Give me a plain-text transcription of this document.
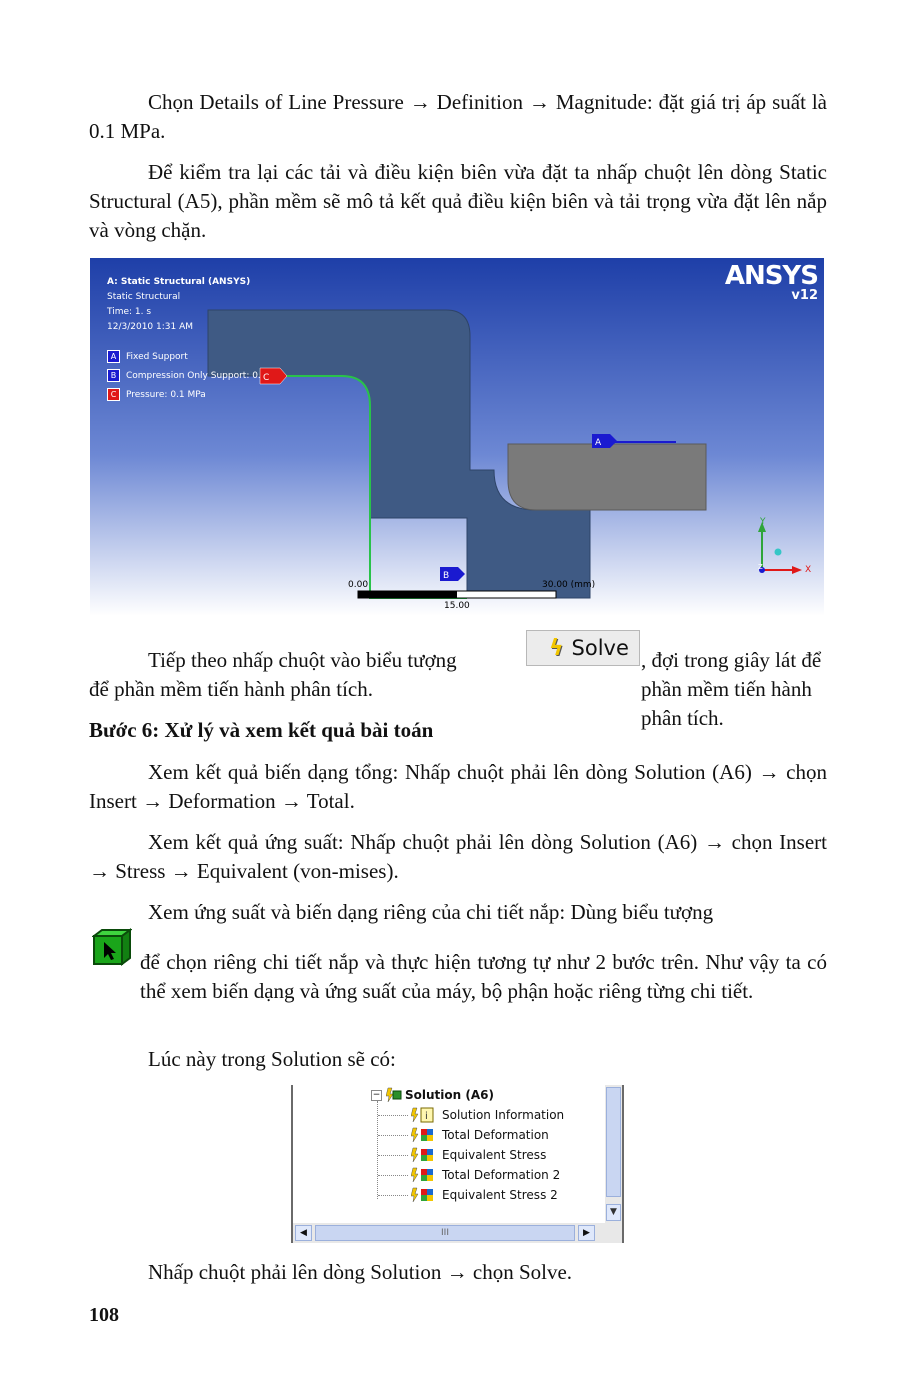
Chọn Details of Line Pressure → Definition → Magnitude: đặt giá trị áp suất là 0.1 MPa.

Để kiểm tra lại các tải và điều kiện biên vừa đặt ta nhấp chuột lên dòng Static Structural (A5), phần mềm sẽ mô tả kết quả điều kiện biên và tải trọng vừa đặt lên nắp và vòng chặn.

A
C
B
0.00	30.00 (mm)
15.00
Y
X
Z
A: Static Structural (ANSYS)
Static Structural
Time: 1. s
12/3/2010 1:31 AM
A Fixed Support
B Compression Only Support: 0.
C Pressure: 0.1 MPa
ANSYS
v12
Tiếp theo nhấp chuột vào biểu tượng	ϟ Solve , đợi trong giây lát để phần mềm tiến hành phân tích.
để phần mềm tiến hành phân tích.

Bước 6: Xử lý và xem kết quả bài toán

Xem kết quả biến dạng tổng: Nhấp chuột phải lên dòng Solution (A6) → chọn Insert → Deformation → Total.

Xem kết quả ứng suất: Nhấp chuột phải lên dòng Solution (A6) → chọn Insert → Stress → Equivalent (von-mises).

Xem ứng suất và biến dạng riêng của chi tiết nắp: Dùng biểu tượng

để chọn riêng chi tiết nắp và thực hiện tương tự như 2 bước trên. Như vậy ta có thể xem biến dạng và ứng suất của máy, bộ phận hoặc riêng từng chi tiết.

Lúc này trong Solution sẽ có:

− Solution (A6)
i Solution Information
Total Deformation
Equivalent Stress
Total Deformation 2
Equivalent Stress 2
▼
◀	III	▶

Nhấp chuột phải lên dòng Solution → chọn Solve.

108
